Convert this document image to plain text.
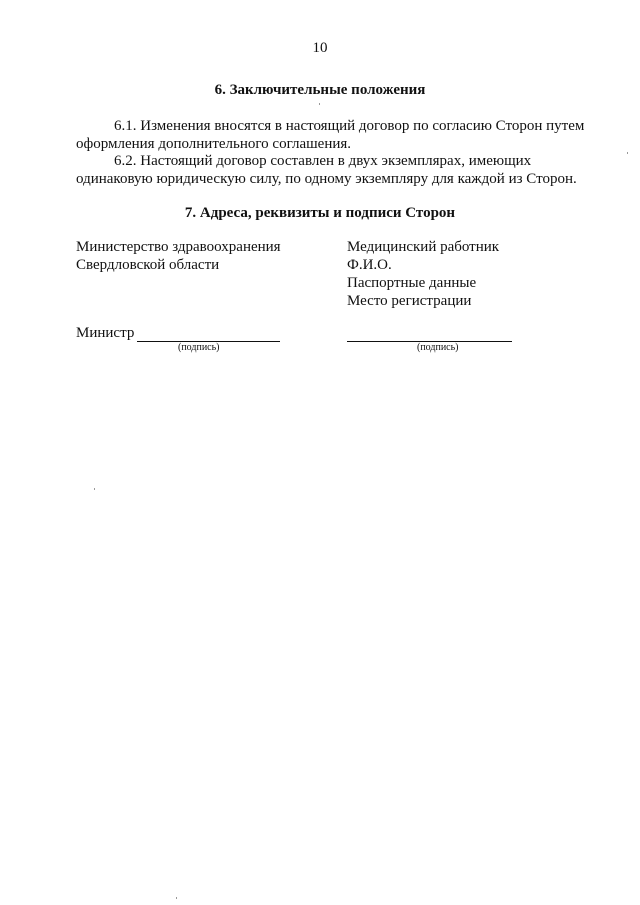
10
6. Заключительные положения
6.1. Изменения вносятся в настоящий договор по согласию Сторон путем
оформления дополнительного соглашения.
6.2. Настоящий договор составлен в двух экземплярах, имеющих
одинаковую юридическую силу, по одному экземпляру для каждой из Сторон.
7. Адреса, реквизиты и подписи Сторон
Министерство здравоохранения
Свердловской области
Медицинский работник
Ф.И.О.
Паспортные данные
Место регистрации
Министр
(подпись)	(подпись)
